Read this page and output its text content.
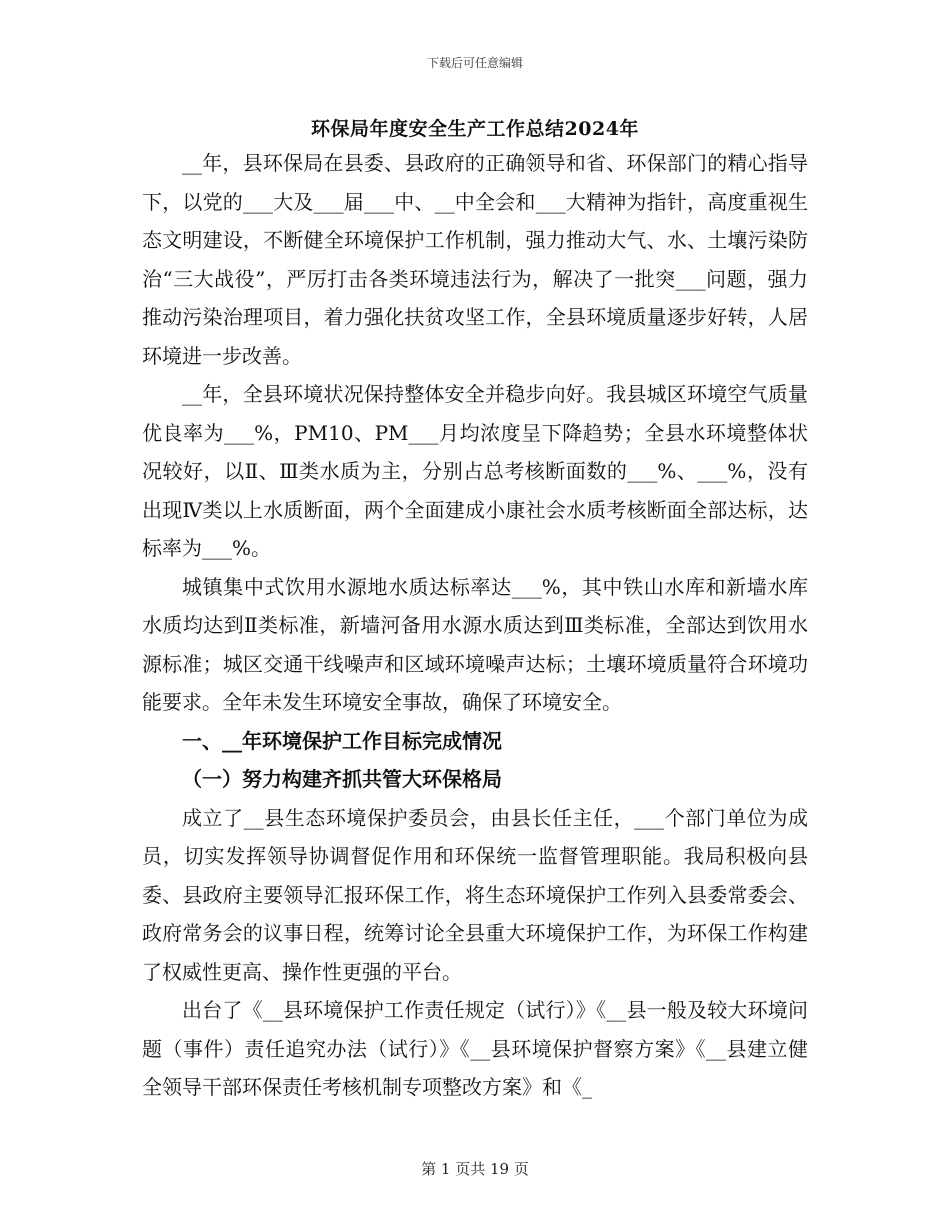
下载后可任意编辑
环保局年度安全生产工作总结2024年

__年，县环保局在县委、县政府的正确领导和省、环保部门的精心指导下，以党的___大及___届___中、__中全会和___大精神为指针，高度重视生态文明建设，不断健全环境保护工作机制，强力推动大气、水、土壤污染防治“三大战役”，严厉打击各类环境违法行为，解决了一批突___问题，强力推动污染治理项目，着力强化扶贫攻坚工作，全县环境质量逐步好转，人居环境进一步改善。

__年，全县环境状况保持整体安全并稳步向好。我县城区环境空气质量优良率为___%，PM10、PM___月均浓度呈下降趋势；全县水环境整体状况较好，以Ⅱ、Ⅲ类水质为主，分别占总考核断面数的___%、___%，没有出现Ⅳ类以上水质断面，两个全面建成小康社会水质考核断面全部达标，达标率为___%。

城镇集中式饮用水源地水质达标率达___%，其中铁山水库和新墙水库水质均达到Ⅱ类标准，新墙河备用水源水质达到Ⅲ类标准，全部达到饮用水源标准；城区交通干线噪声和区域环境噪声达标；土壤环境质量符合环境功能要求。全年未发生环境安全事故，确保了环境安全。

一、__年环境保护工作目标完成情况

（一）努力构建齐抓共管大环保格局

成立了__县生态环境保护委员会，由县长任主任，___个部门单位为成员，切实发挥领导协调督促作用和环保统一监督管理职能。我局积极向县委、县政府主要领导汇报环保工作，将生态环境保护工作列入县委常委会、政府常务会的议事日程，统筹讨论全县重大环境保护工作，为环保工作构建了权威性更高、操作性更强的平台。

出台了《__县环境保护工作责任规定（试行）》《__县一般及较大环境问题（事件）责任追究办法（试行）》《__县环境保护督察方案》《__县建立健全领导干部环保责任考核机制专项整改方案》和《_

第 1 页共 19 页
